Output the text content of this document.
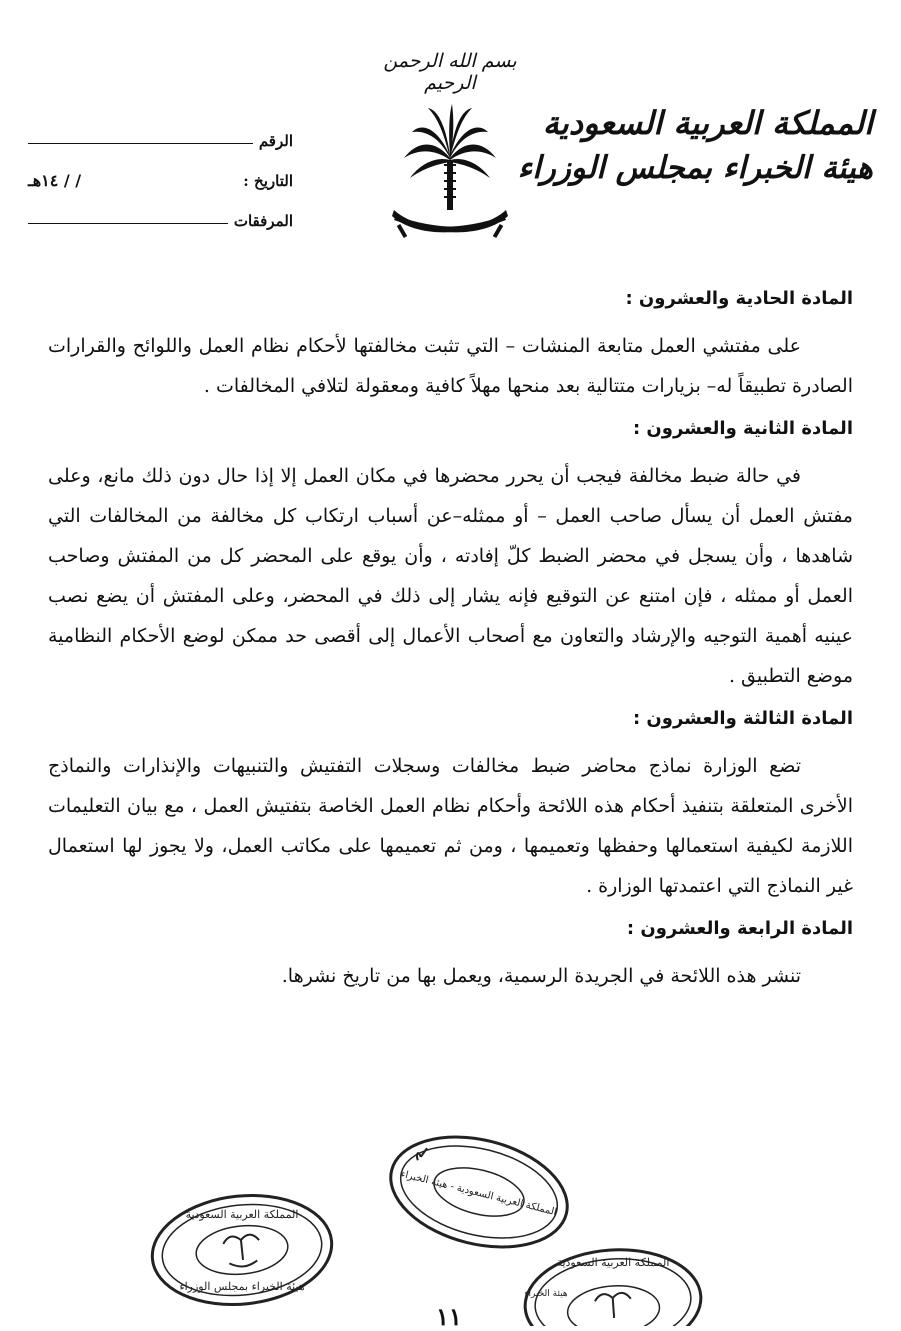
بسم الله الرحمن الرحيم
المملكة العربية السعودية
هيئة الخبراء بمجلس الوزراء
الرقم
التاريخ :
/ / ١٤هـ
المرفقات
المادة الحادية والعشرون :

على مفتشي العمل متابعة المنشات – التي تثبت مخالفتها لأحكام نظام العمل واللوائح والقرارات الصادرة تطبيقاً له– بزيارات متتالية بعد منحها مهلاً كافية ومعقولة لتلافي المخالفات .

المادة الثانية والعشرون :

في حالة ضبط مخالفة فيجب أن يحرر محضرها في مكان العمل إلا إذا حال دون ذلك مانع، وعلى مفتش العمل أن يسأل صاحب العمل – أو ممثله–عن أسباب ارتكاب كل مخالفة من المخالفات التي شاهدها ، وأن يسجل في محضر الضبط كلّ إفادته ، وأن يوقع على المحضر كل من المفتش وصاحب العمل أو ممثله ، فإن امتنع عن التوقيع فإنه يشار إلى ذلك في المحضر، وعلى المفتش أن يضع نصب عينيه أهمية التوجيه والإرشاد والتعاون مع أصحاب الأعمال إلى أقصى حد ممكن لوضع الأحكام النظامية موضع التطبيق .

المادة الثالثة والعشرون :

تضع الوزارة نماذج محاضر ضبط مخالفات وسجلات التفتيش والتنبيهات والإنذارات والنماذج الأخرى المتعلقة بتنفيذ أحكام هذه اللائحة وأحكام نظام العمل الخاصة بتفتيش العمل ، مع بيان التعليمات اللازمة لكيفية استعمالها وحفظها وتعميمها ، ومن ثم تعميمها على مكاتب العمل، ولا يجوز لها استعمال غير النماذج التي اعتمدتها الوزارة .

المادة الرابعة والعشرون :

تنشر هذه اللائحة في الجريدة الرسمية، ويعمل بها من تاريخ نشرها.

المملكة العربية السعودية
هيئة الخبراء بمجلس الوزراء
المملكة العربية السعودية - هيئة الخبراء
المملكة العربية السعودية
هيئة الخبراء
١١
